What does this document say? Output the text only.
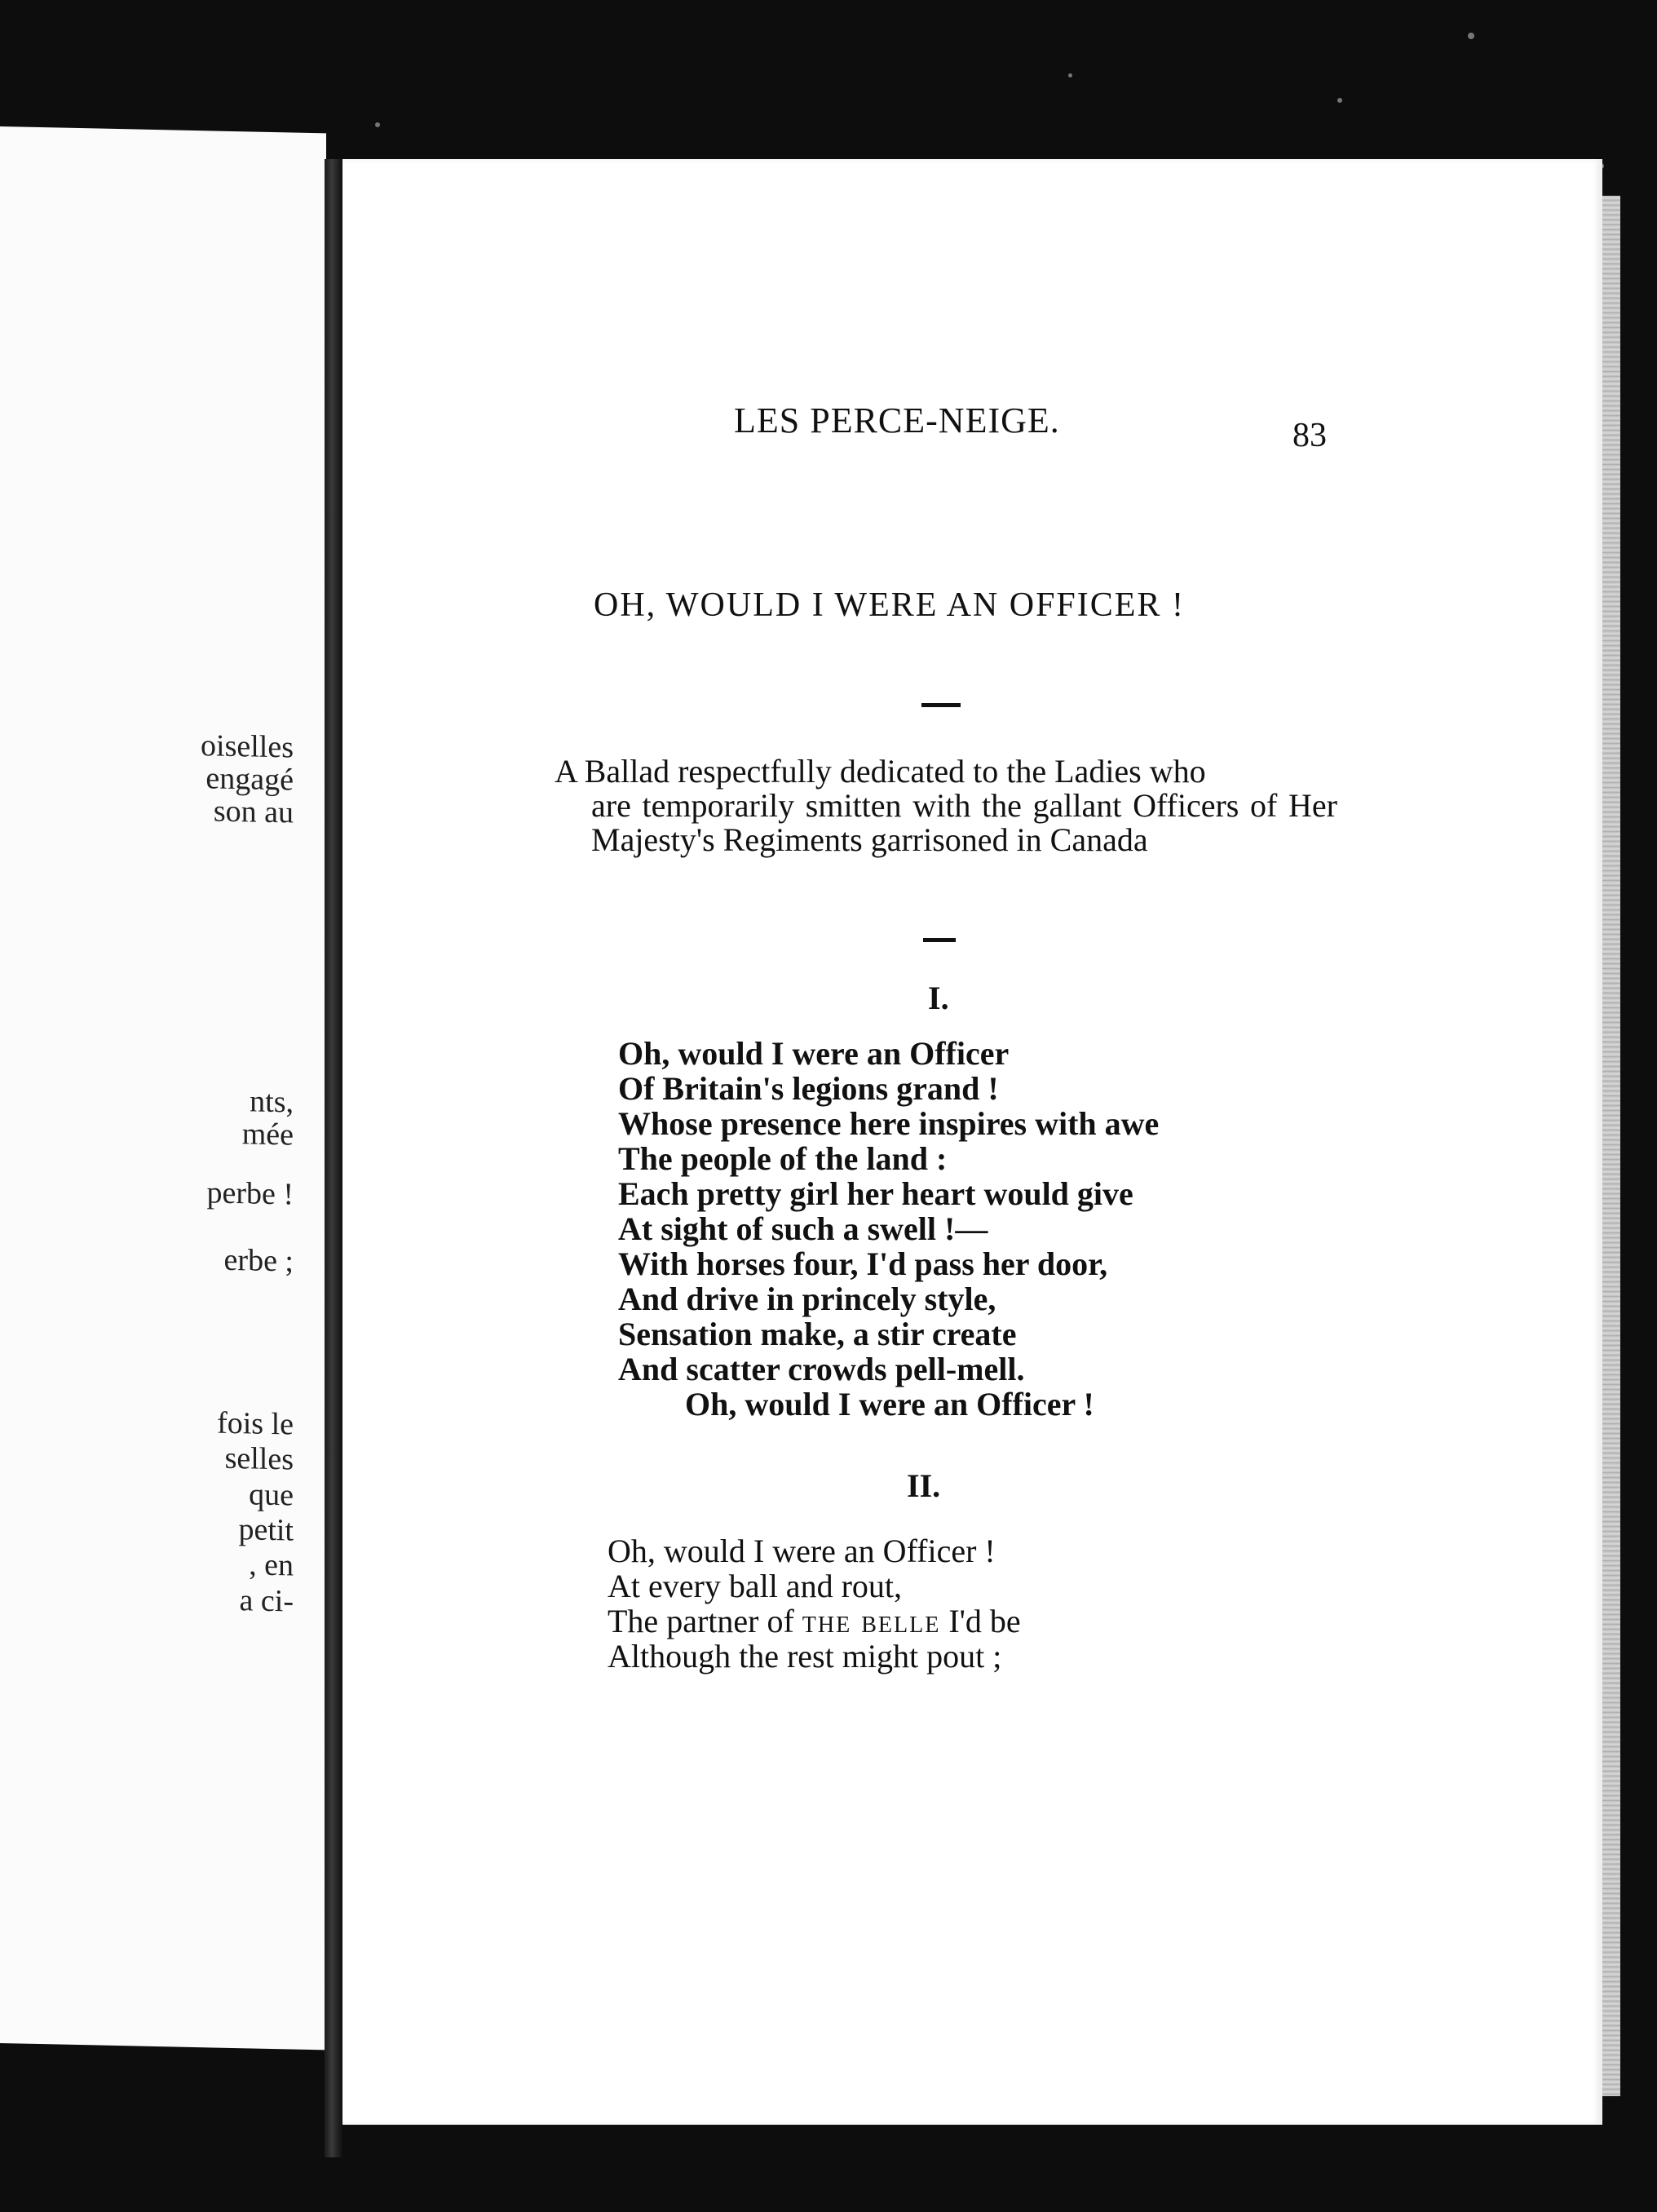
oiselles
engagé
son au
nts,
mée
perbe !
erbe ;
fois le
selles
que
petit
, en
a ci-
LES PERCE-NEIGE.	83
OH, WOULD I WERE AN OFFICER !
A Ballad respectfully dedicated to the Ladies who
are temporarily smitten with the gallant Officers of Her Majesty's Regiments garrisoned in Canada
I.
Oh, would I were an Officer
Of Britain's legions grand !
Whose presence here inspires with awe
The people of the land :
Each pretty girl her heart would give
At sight of such a swell !—
With horses four, I'd pass her door,
And drive in princely style,
Sensation make, a stir create
And scatter crowds pell-mell.
Oh, would I were an Officer !
II.
Oh, would I were an Officer !
At every ball and rout,
The partner of the belle I'd be
Although the rest might pout ;
